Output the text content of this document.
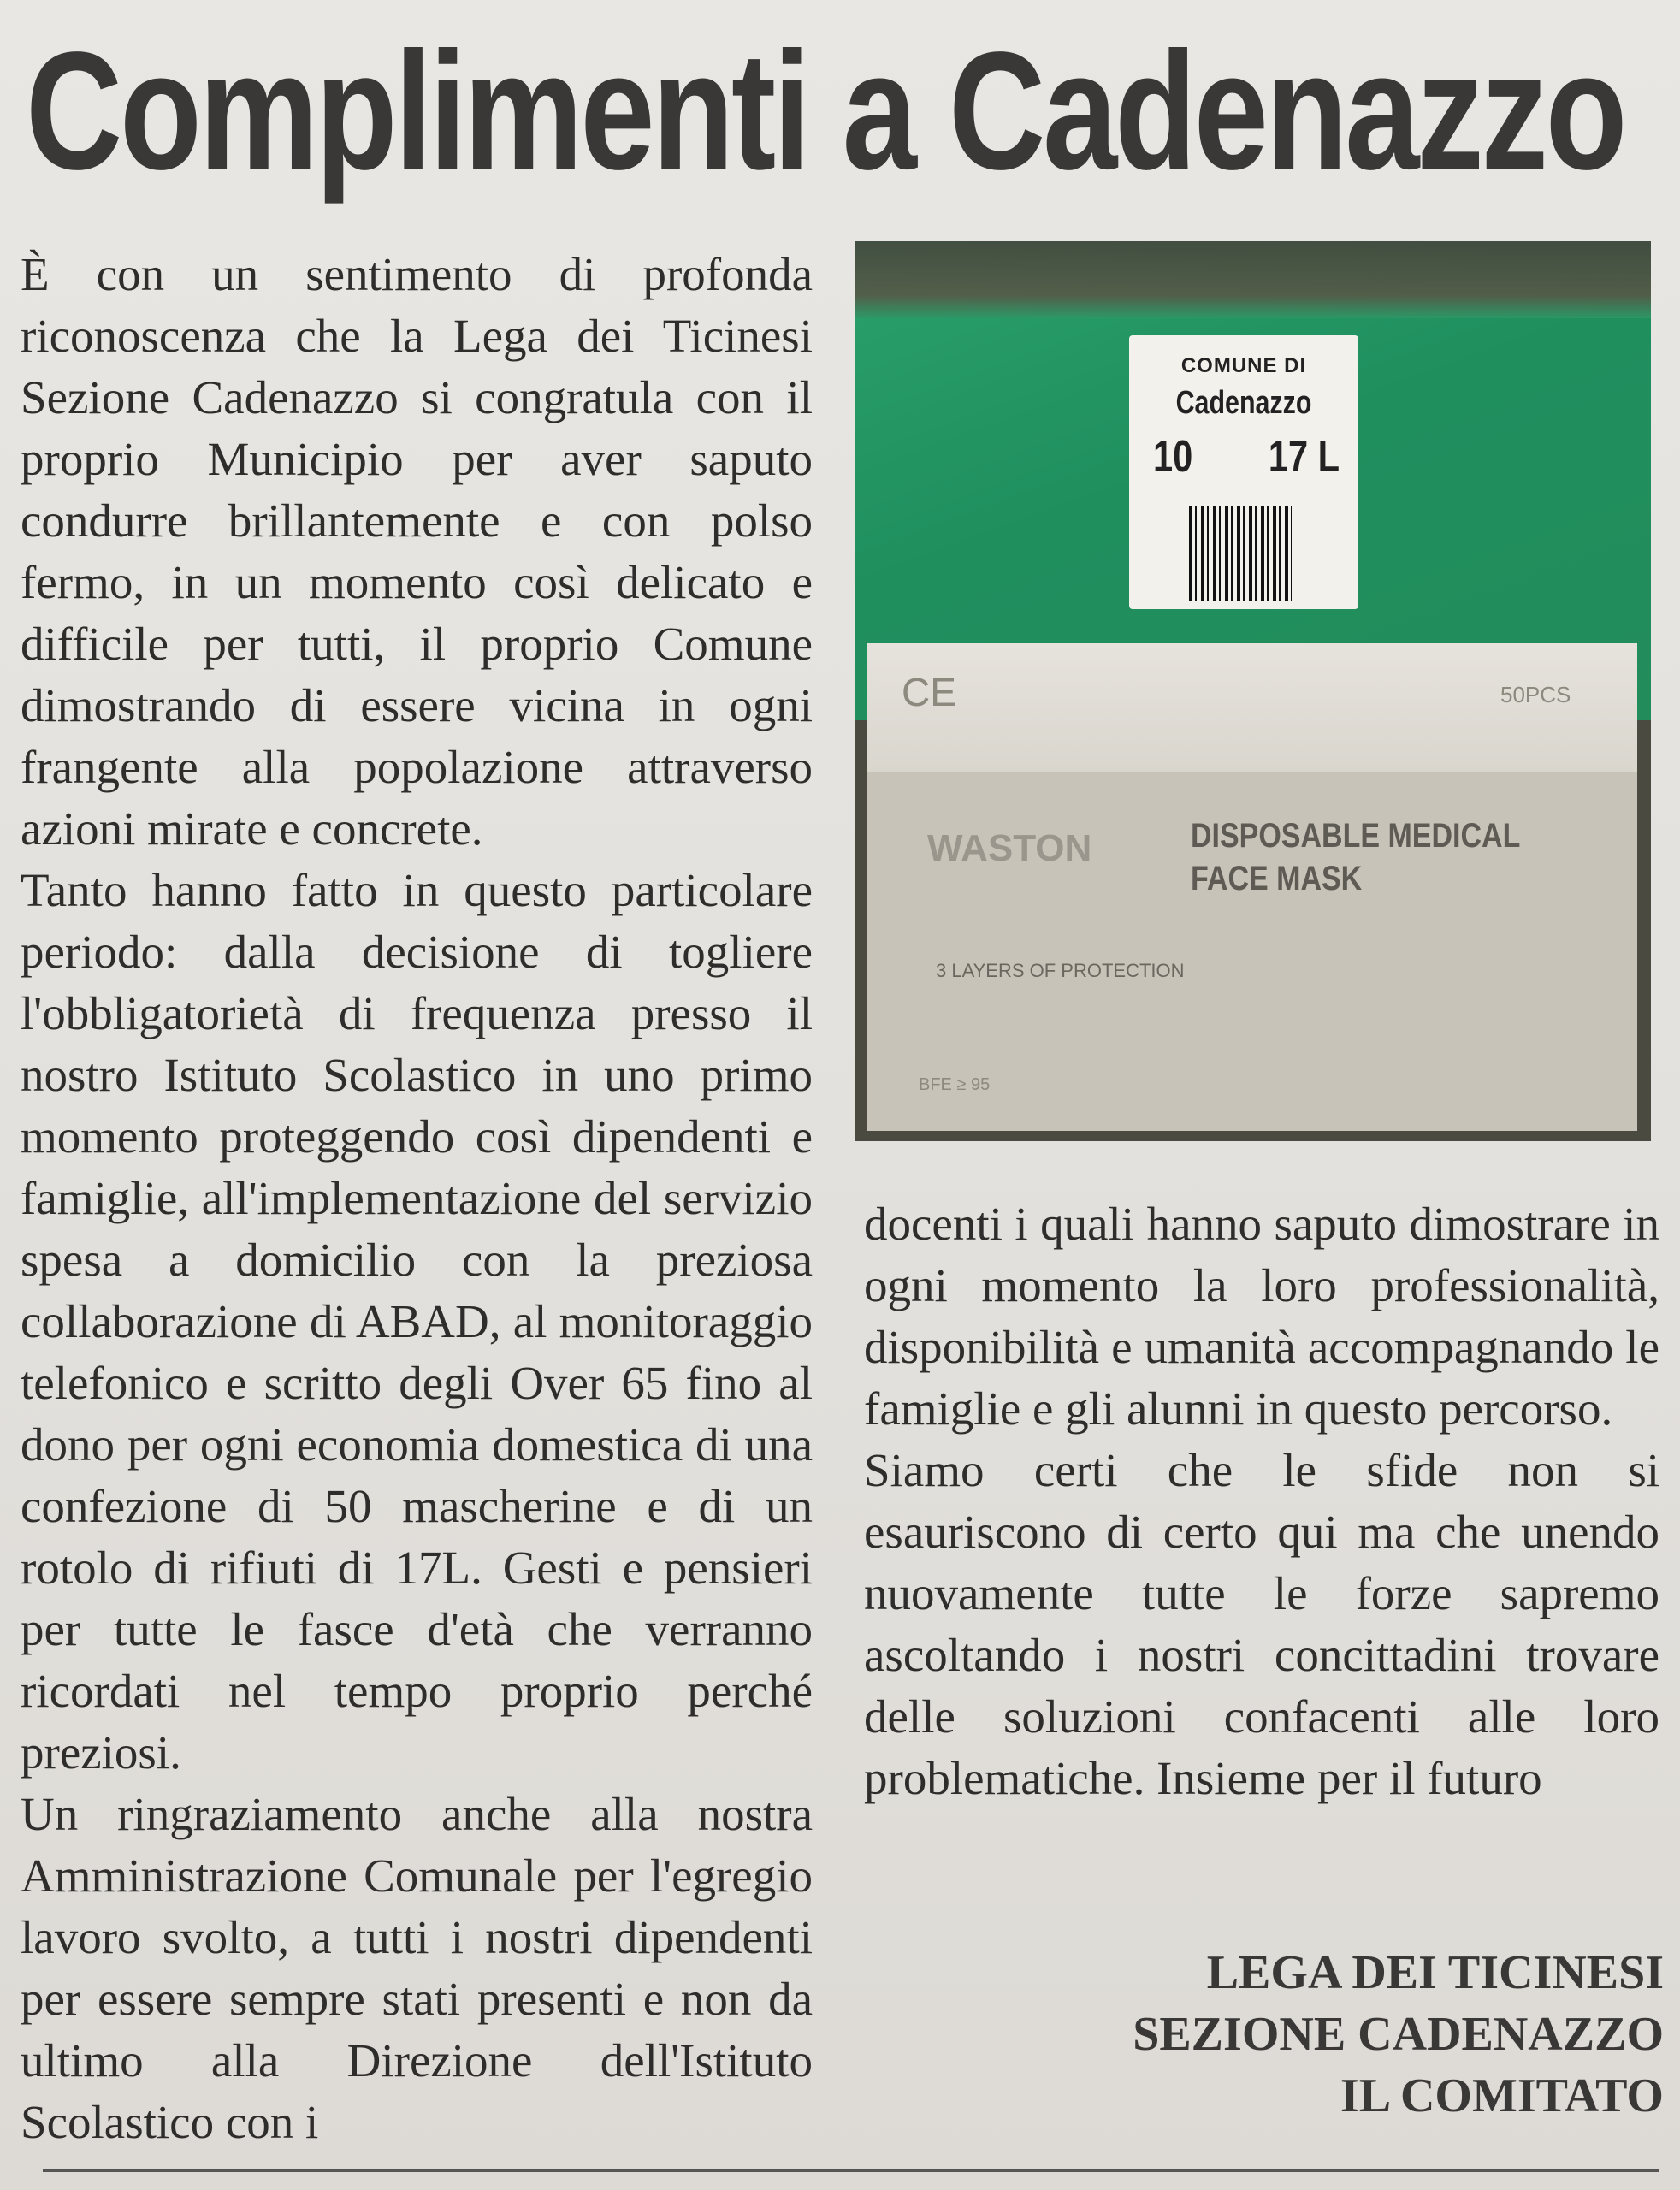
Complimenti a Cadenazzo

È con un sentimento di profonda riconoscenza che la Lega dei Ticinesi Sezione Cadenazzo si congratula con il proprio Municipio per aver saputo condurre brillantemente e con polso fermo, in un momento così delicato e difficile per tutti, il proprio Comune dimostrando di essere vicina in ogni frangente alla popolazione attraverso azioni mirate e concrete.

Tanto hanno fatto in questo particolare periodo: dalla decisione di togliere l'obbligatorietà di frequenza presso il nostro Istituto Scolastico in uno primo momento proteggendo così dipendenti e famiglie, all'implementazione del servizio spesa a domicilio con la preziosa collaborazione di ABAD, al monitoraggio telefonico e scritto degli Over 65 fino al dono per ogni economia domestica di una confezione di 50 mascherine e di un rotolo di rifiuti di 17L. Gesti e pensieri per tutte le fasce d'età che verranno ricordati nel tempo proprio perché preziosi.

Un ringraziamento anche alla nostra Amministrazione Comunale per l'egregio lavoro svolto, a tutti i nostri dipendenti per essere sempre stati presenti e non da ultimo alla Direzione dell'Istituto Scolastico con i

COMUNE DI
Cadenazzo
10 17 L
CE	50PCS
WASTON	DISPOSABLE MEDICAL
FACE MASK
3 LAYERS OF PROTECTION
BFE ≥ 95

docenti i quali hanno saputo dimostrare in ogni momento la loro professionalità, disponibilità e umanità accompagnando le famiglie e gli alunni in questo percorso.

Siamo certi che le sfide non si esauriscono di certo qui ma che unendo nuovamente tutte le forze sapremo ascoltando i nostri concittadini trovare delle soluzioni confacenti alle loro problematiche. Insieme per il futuro

LEGA DEI TICINESI
SEZIONE CADENAZZO
IL COMITATO
